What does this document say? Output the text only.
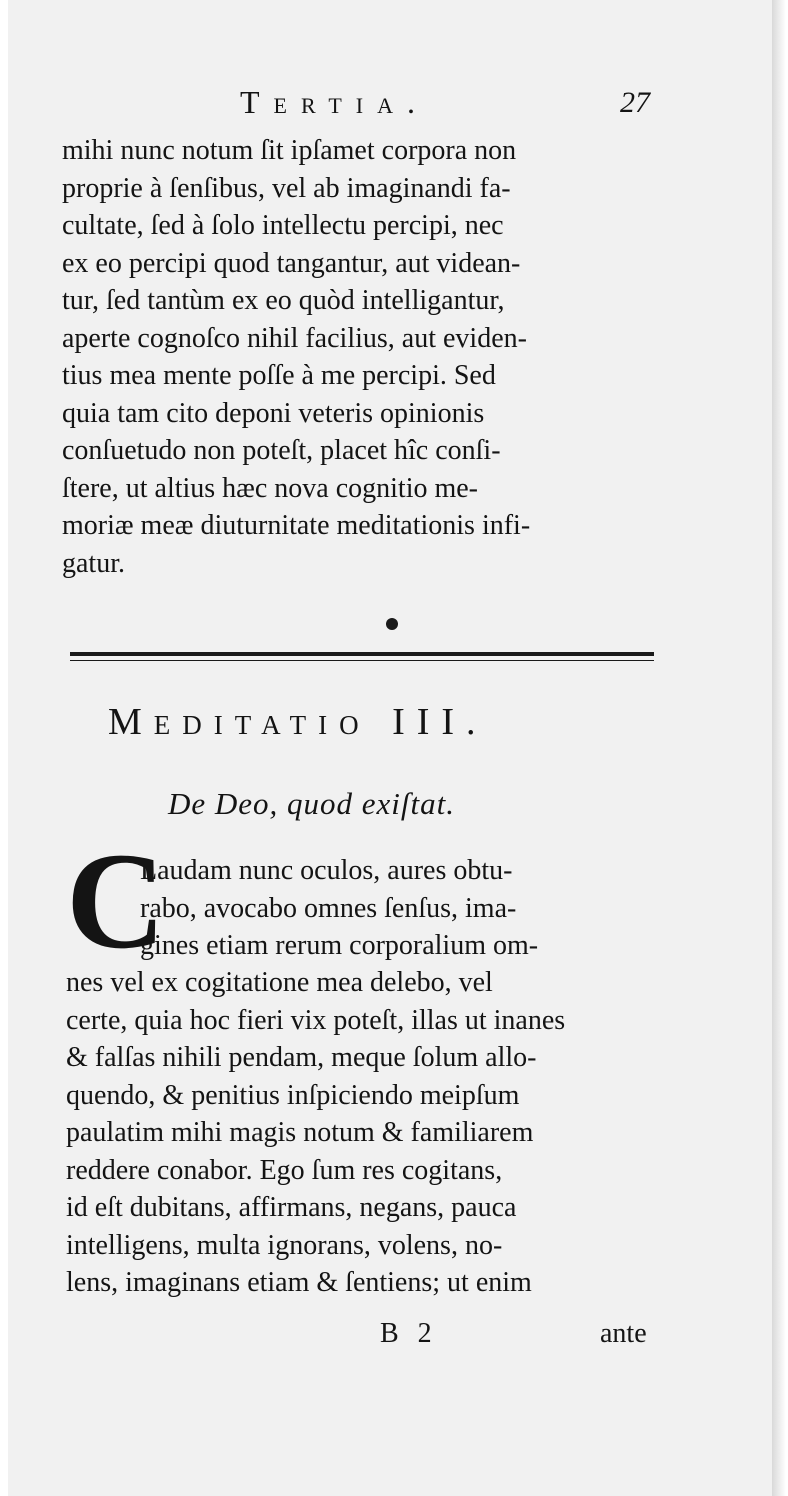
Tertia.	27
mihi nunc notum ſit ipſamet corpora non
proprie à ſenſibus, vel ab imaginandi fa-
cultate, ſed à ſolo intellectu percipi, nec
ex eo percipi quod tangantur, aut videan-
tur, ſed tantùm ex eo quòd intelligantur,
aperte cognoſco nihil facilius, aut eviden-
tius mea mente poſſe à me percipi. Sed
quia tam cito deponi veteris opinionis
conſuetudo non poteſt, placet hîc conſi-
ſtere, ut altius hæc nova cognitio me-
moriæ meæ diuturnitate meditationis infi-
gatur.
Meditatio III.
De Deo, quod exiſtat.
C
Laudam nunc oculos, aures obtu-
rabo, avocabo omnes ſenſus, ima-
gines etiam rerum corporalium om-
nes vel ex cogitatione mea delebo, vel
certe, quia hoc fieri vix poteſt, illas ut inanes
& falſas nihili pendam, meque ſolum allo-
quendo, & penitius inſpiciendo meipſum
paulatim mihi magis notum & familiarem
reddere conabor. Ego ſum res cogitans,
id eſt dubitans, affirmans, negans, pauca
intelligens, multa ignorans, volens, no-
lens, imaginans etiam & ſentiens; ut enim
B 2	ante
